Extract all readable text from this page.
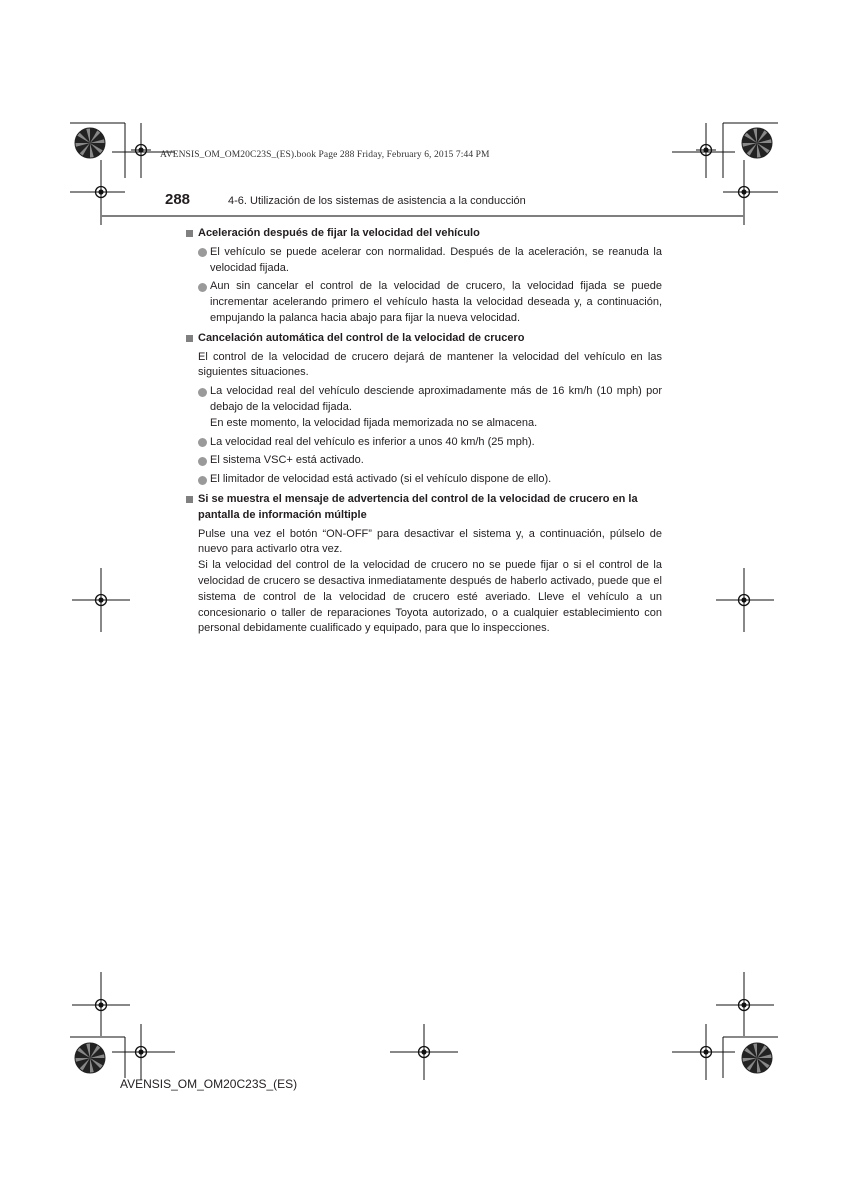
AVENSIS_OM_OM20C23S_(ES).book Page 288 Friday, February 6, 2015 7:44 PM
288	4-6. Utilización de los sistemas de asistencia a la conducción

Aceleración después de fijar la velocidad del vehículo

El vehículo se puede acelerar con normalidad. Después de la aceleración, se reanuda la velocidad fijada.
Aun sin cancelar el control de la velocidad de crucero, la velocidad fijada se puede incrementar acelerando primero el vehículo hasta la velocidad deseada y, a continuación, empujando la palanca hacia abajo para fijar la nueva velocidad.

Cancelación automática del control de la velocidad de crucero

El control de la velocidad de crucero dejará de mantener la velocidad del vehículo en las siguientes situaciones.

La velocidad real del vehículo desciende aproximadamente más de 16 km/h (10 mph) por debajo de la velocidad fijada.
En este momento, la velocidad fijada memorizada no se almacena.
La velocidad real del vehículo es inferior a unos 40 km/h (25 mph).
El sistema VSC+ está activado.
El limitador de velocidad está activado (si el vehículo dispone de ello).

Si se muestra el mensaje de advertencia del control de la velocidad de crucero en la pantalla de información múltiple

Pulse una vez el botón “ON-OFF” para desactivar el sistema y, a continuación, púlselo de nuevo para activarlo otra vez.

Si la velocidad del control de la velocidad de crucero no se puede fijar o si el control de la velocidad de crucero se desactiva inmediatamente después de haberlo activado, puede que el sistema de control de la velocidad de crucero esté averiado. Lleve el vehículo a un concesionario o taller de reparaciones Toyota autorizado, o a cualquier establecimiento con personal debidamente cualificado y equipado, para que lo inspecciones.

AVENSIS_OM_OM20C23S_(ES)
